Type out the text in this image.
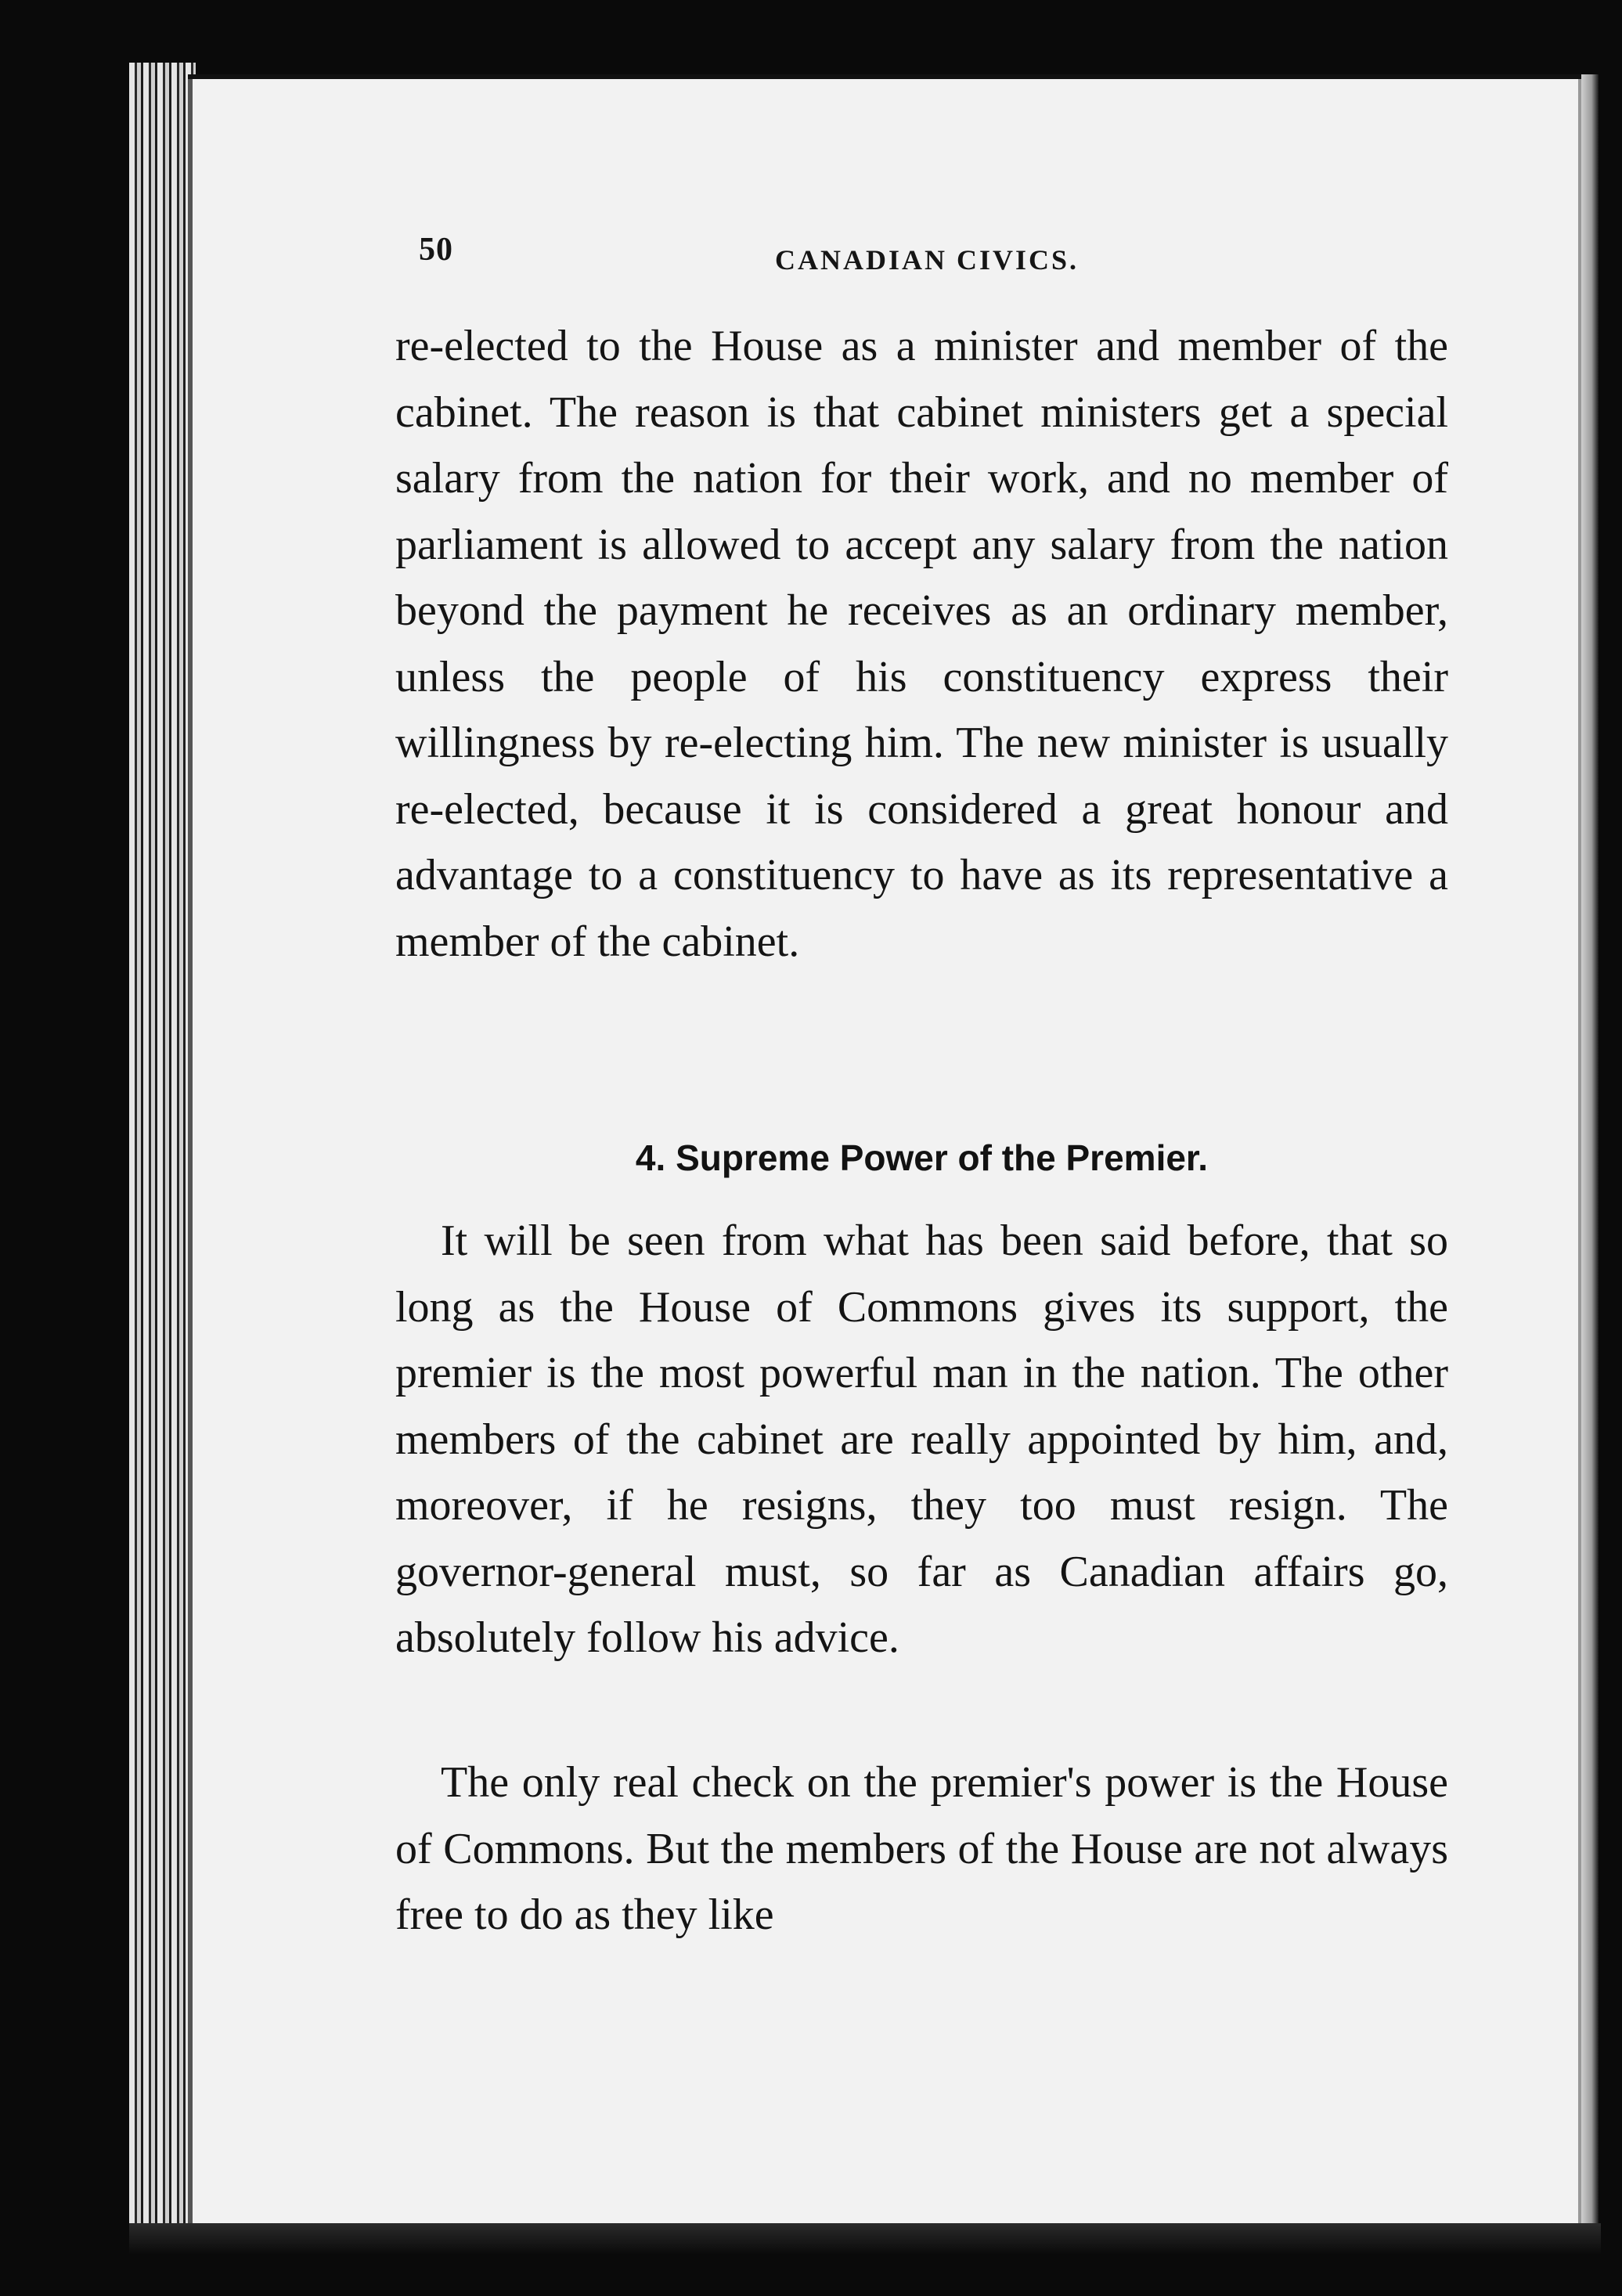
50	CANADIAN CIVICS.

re-elected to the House as a minister and member of the cabinet. The reason is that cabinet ministers get a special salary from the nation for their work, and no member of parliament is allowed to accept any salary from the nation beyond the payment he receives as an ordinary member, unless the people of his constituency express their willingness by re-electing him. The new minister is usually re-elected, because it is considered a great honour and advantage to a constituency to have as its representative a member of the cabinet.

4. Supreme Power of the Premier.

It will be seen from what has been said before, that so long as the House of Commons gives its support, the premier is the most powerful man in the nation. The other members of the cabinet are really appointed by him, and, moreover, if he resigns, they too must resign. The governor-general must, so far as Canadian affairs go, absolutely follow his advice.

The only real check on the premier's power is the House of Commons. But the members of the House are not always free to do as they like
